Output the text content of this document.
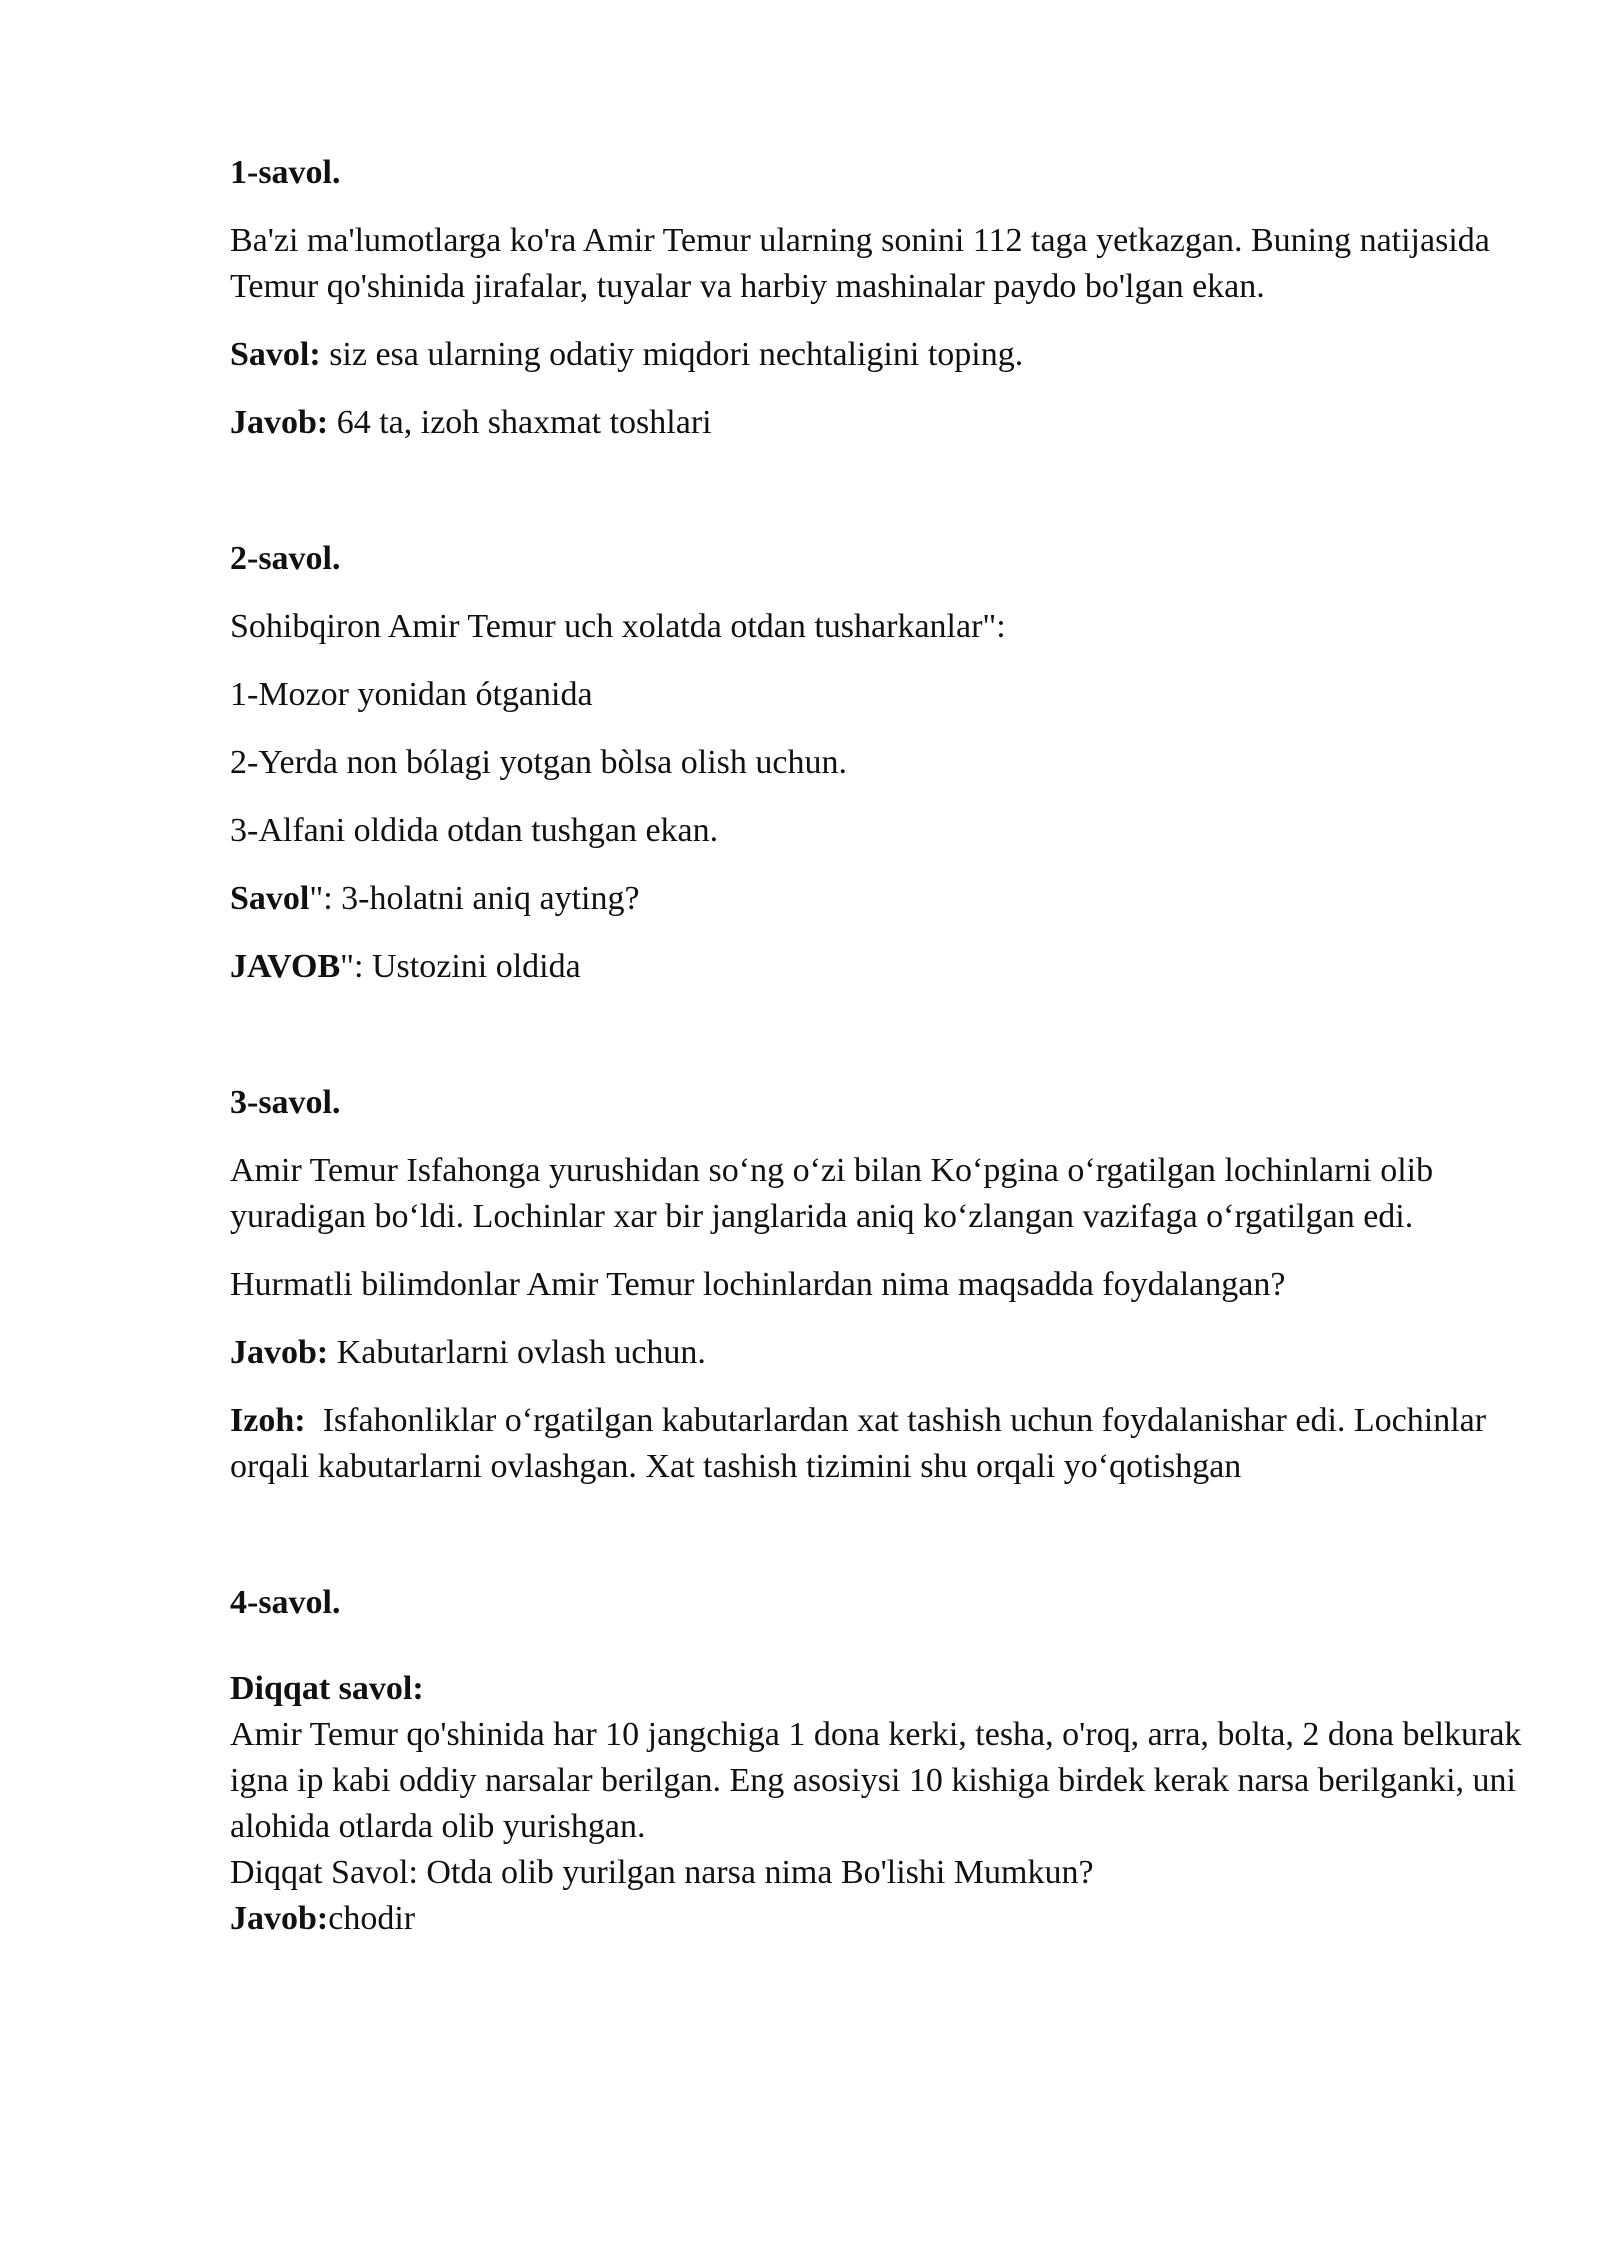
1-savol.
Ba'zi ma'lumotlarga ko'ra Amir Temur ularning sonini 112 taga yetkazgan. Buning natijasida Temur qo'shinida jirafalar, tuyalar va harbiy mashinalar paydo bo'lgan ekan.
Savol: siz esa ularning odatiy miqdori nechtaligini toping.
Javob: 64 ta, izoh shaxmat toshlari
2-savol.
Sohibqiron Amir Temur uch xolatda otdan tusharkanlar":
1-Mozor yonidan ótganida
2-Yerda non bólagi yotgan bòlsa olish uchun.
3-Alfani oldida otdan tushgan ekan.
Savol": 3-holatni aniq ayting?
JAVOB": Ustozini oldida
3-savol.
Amir Temur Isfahonga yurushidan so‘ng o‘zi bilan Ko‘pgina o‘rgatilgan lochinlarni olib yuradigan bo‘ldi. Lochinlar xar bir janglarida aniq ko‘zlangan vazifaga o‘rgatilgan edi.
Hurmatli bilimdonlar Amir Temur lochinlardan nima maqsadda foydalangan?
Javob: Kabutarlarni ovlash uchun.
Izoh:  Isfahonliklar o‘rgatilgan kabutarlardan xat tashish uchun foydalanishar edi. Lochinlar orqali kabutarlarni ovlashgan. Xat tashish tizimini shu orqali yo‘qotishgan
4-savol.
Diqqat savol:
Amir Temur qo'shinida har 10 jangchiga 1 dona kerki, tesha, o'roq, arra, bolta, 2 dona belkurak igna ip kabi oddiy narsalar berilgan. Eng asosiysi 10 kishiga birdek kerak narsa berilganki, uni alohida otlarda olib yurishgan.
Diqqat Savol: Otda olib yurilgan narsa nima Bo'lishi Mumkun?
Javob:chodir
